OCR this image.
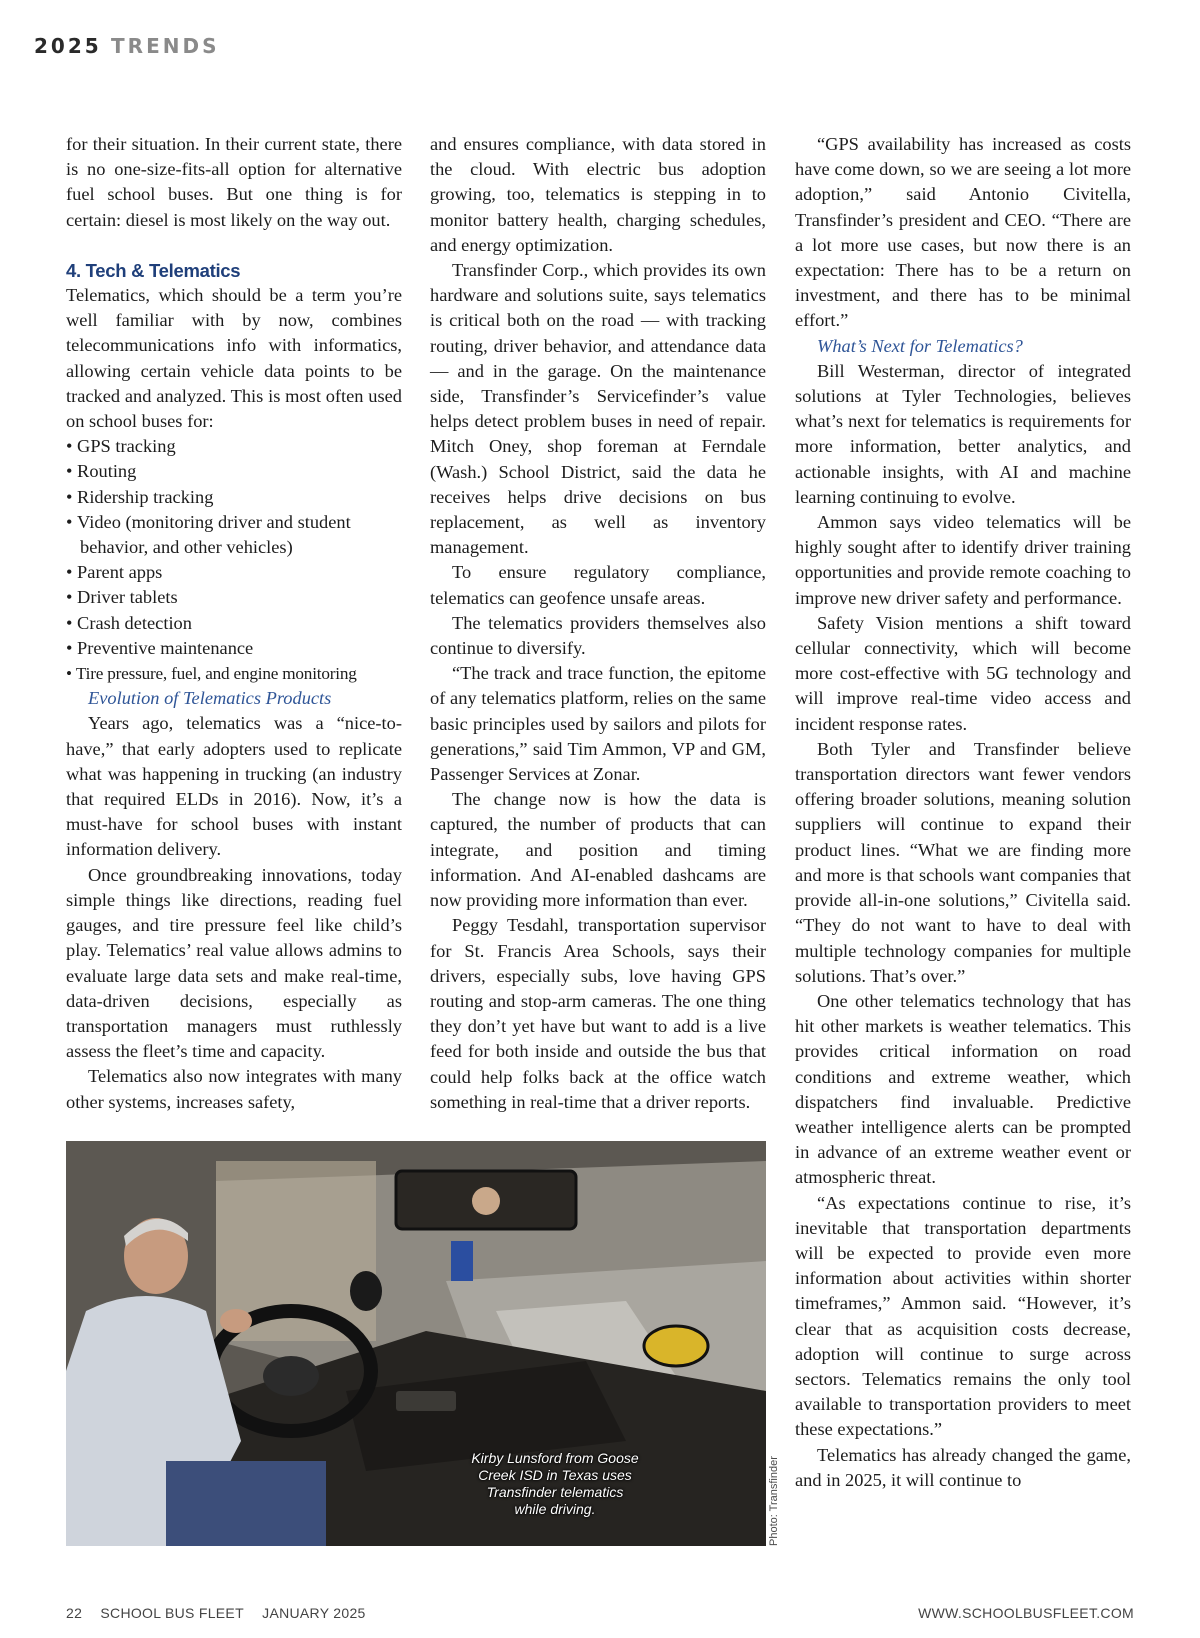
2025 TRENDS

for their situation. In their current state, there is no one-size-fits-all option for alternative fuel school buses. But one thing is for certain: diesel is most likely on the way out.

4. Tech & Telematics

Telematics, which should be a term you’re well familiar with by now, combines telecommunications info with informatics, allowing certain vehicle data points to be tracked and analyzed. This is most often used on school buses for:

• GPS tracking
• Routing
• Ridership tracking
• Video (monitoring driver and student behavior, and other vehicles)
• Parent apps
• Driver tablets
• Crash detection
• Preventive maintenance
• Tire pressure, fuel, and engine monitoring

Evolution of Telematics Products

Years ago, telematics was a “nice-to-have,” that early adopters used to replicate what was happening in trucking (an industry that required ELDs in 2016). Now, it’s a must-have for school buses with instant information delivery.

Once groundbreaking innovations, today simple things like directions, reading fuel gauges, and tire pressure feel like child’s play. Telematics’ real value allows admins to evaluate large data sets and make real-time, data-driven decisions, especially as transportation managers must ruthlessly assess the fleet’s time and capacity.

Telematics also now integrates with many other systems, increases safety,

and ensures compliance, with data stored in the cloud. With electric bus adoption growing, too, telematics is stepping in to monitor battery health, charging schedules, and energy optimization.

Transfinder Corp., which provides its own hardware and solutions suite, says telematics is critical both on the road — with tracking routing, driver behavior, and attendance data — and in the garage. On the maintenance side, Transfinder’s Servicefinder’s value helps detect problem buses in need of repair. Mitch Oney, shop foreman at Ferndale (Wash.) School District, said the data he receives helps drive decisions on bus replacement, as well as inventory management.

To ensure regulatory compliance, telematics can geofence unsafe areas.

The telematics providers themselves also continue to diversify.

“The track and trace function, the epitome of any telematics platform, relies on the same basic principles used by sailors and pilots for generations,” said Tim Ammon, VP and GM, Passenger Services at Zonar.

The change now is how the data is captured, the number of products that can integrate, and position and timing information. And AI-enabled dashcams are now providing more information than ever.

Peggy Tesdahl, transportation supervisor for St. Francis Area Schools, says their drivers, especially subs, love having GPS routing and stop-arm cameras. The one thing they don’t yet have but want to add is a live feed for both inside and outside the bus that could help folks back at the office watch something in real-time that a driver reports.

“GPS availability has increased as costs have come down, so we are seeing a lot more adoption,” said Antonio Civitella, Transfinder’s president and CEO. “There are a lot more use cases, but now there is an expectation: There has to be a return on investment, and there has to be minimal effort.”

What’s Next for Telematics?

Bill Westerman, director of integrated solutions at Tyler Technologies, believes what’s next for telematics is requirements for more information, better analytics, and actionable insights, with AI and machine learning continuing to evolve.

Ammon says video telematics will be highly sought after to identify driver training opportunities and provide remote coaching to improve new driver safety and performance.

Safety Vision mentions a shift toward cellular connectivity, which will become more cost-effective with 5G technology and will improve real-time video access and incident response rates.

Both Tyler and Transfinder believe transportation directors want fewer vendors offering broader solutions, meaning solution suppliers will continue to expand their product lines. “What we are finding more and more is that schools want companies that provide all-in-one solutions,” Civitella said. “They do not want to have to deal with multiple technology companies for multiple solutions. That’s over.”

One other telematics technology that has hit other markets is weather telematics. This provides critical information on road conditions and extreme weather, which dispatchers find invaluable. Predictive weather intelligence alerts can be prompted in advance of an extreme weather event or atmospheric threat.

“As expectations continue to rise, it’s inevitable that transportation departments will be expected to provide even more information about activities within shorter timeframes,” Ammon said. “However, it’s clear that as acquisition costs decrease, adoption will continue to surge across sectors. Telematics remains the only tool available to transportation providers to meet these expectations.”

Telematics has already changed the game, and in 2025, it will continue to

Kirby Lunsford from Goose Creek ISD in Texas uses Transfinder telematics while driving.	Photo: Transfinder
22 SCHOOL BUS FLEET JANUARY 2025	WWW.SCHOOLBUSFLEET.COM
